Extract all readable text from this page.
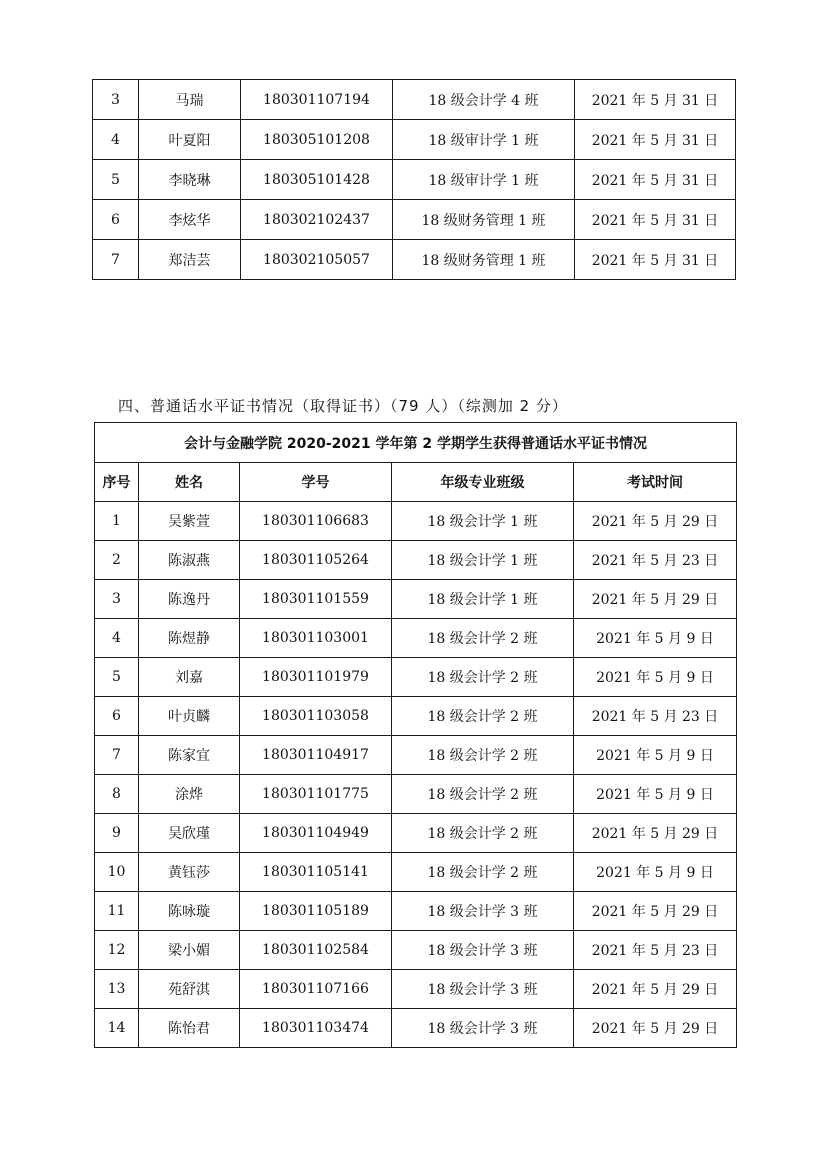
3	马瑞	180301107194	18 级会计学 4 班	2021 年 5 月 31 日
4	叶夏阳	180305101208	18 级审计学 1 班	2021 年 5 月 31 日
5	李晓琳	180305101428	18 级审计学 1 班	2021 年 5 月 31 日
6	李炫华	180302102437	18 级财务管理 1 班	2021 年 5 月 31 日
7	郑洁芸	180302105057	18 级财务管理 1 班	2021 年 5 月 31 日
四、普通话水平证书情况（取得证书）（79 人）（综测加 2 分）
会计与金融学院 2020-2021 学年第 2 学期学生获得普通话水平证书情况				
序号	姓名	学号	年级专业班级	考试时间
1	吴紫萱	180301106683	18 级会计学 1 班	2021 年 5 月 29 日
2	陈淑燕	180301105264	18 级会计学 1 班	2021 年 5 月 23 日
3	陈逸丹	180301101559	18 级会计学 1 班	2021 年 5 月 29 日
4	陈煜静	180301103001	18 级会计学 2 班	2021 年 5 月 9 日
5	刘嘉	180301101979	18 级会计学 2 班	2021 年 5 月 9 日
6	叶贞麟	180301103058	18 级会计学 2 班	2021 年 5 月 23 日
7	陈家宜	180301104917	18 级会计学 2 班	2021 年 5 月 9 日
8	涂烨	180301101775	18 级会计学 2 班	2021 年 5 月 9 日
9	吴欣瑾	180301104949	18 级会计学 2 班	2021 年 5 月 29 日
10	黄钰莎	180301105141	18 级会计学 2 班	2021 年 5 月 9 日
11	陈咏璇	180301105189	18 级会计学 3 班	2021 年 5 月 29 日
12	梁小媚	180301102584	18 级会计学 3 班	2021 年 5 月 23 日
13	苑舒淇	180301107166	18 级会计学 3 班	2021 年 5 月 29 日
14	陈怡君	180301103474	18 级会计学 3 班	2021 年 5 月 29 日
